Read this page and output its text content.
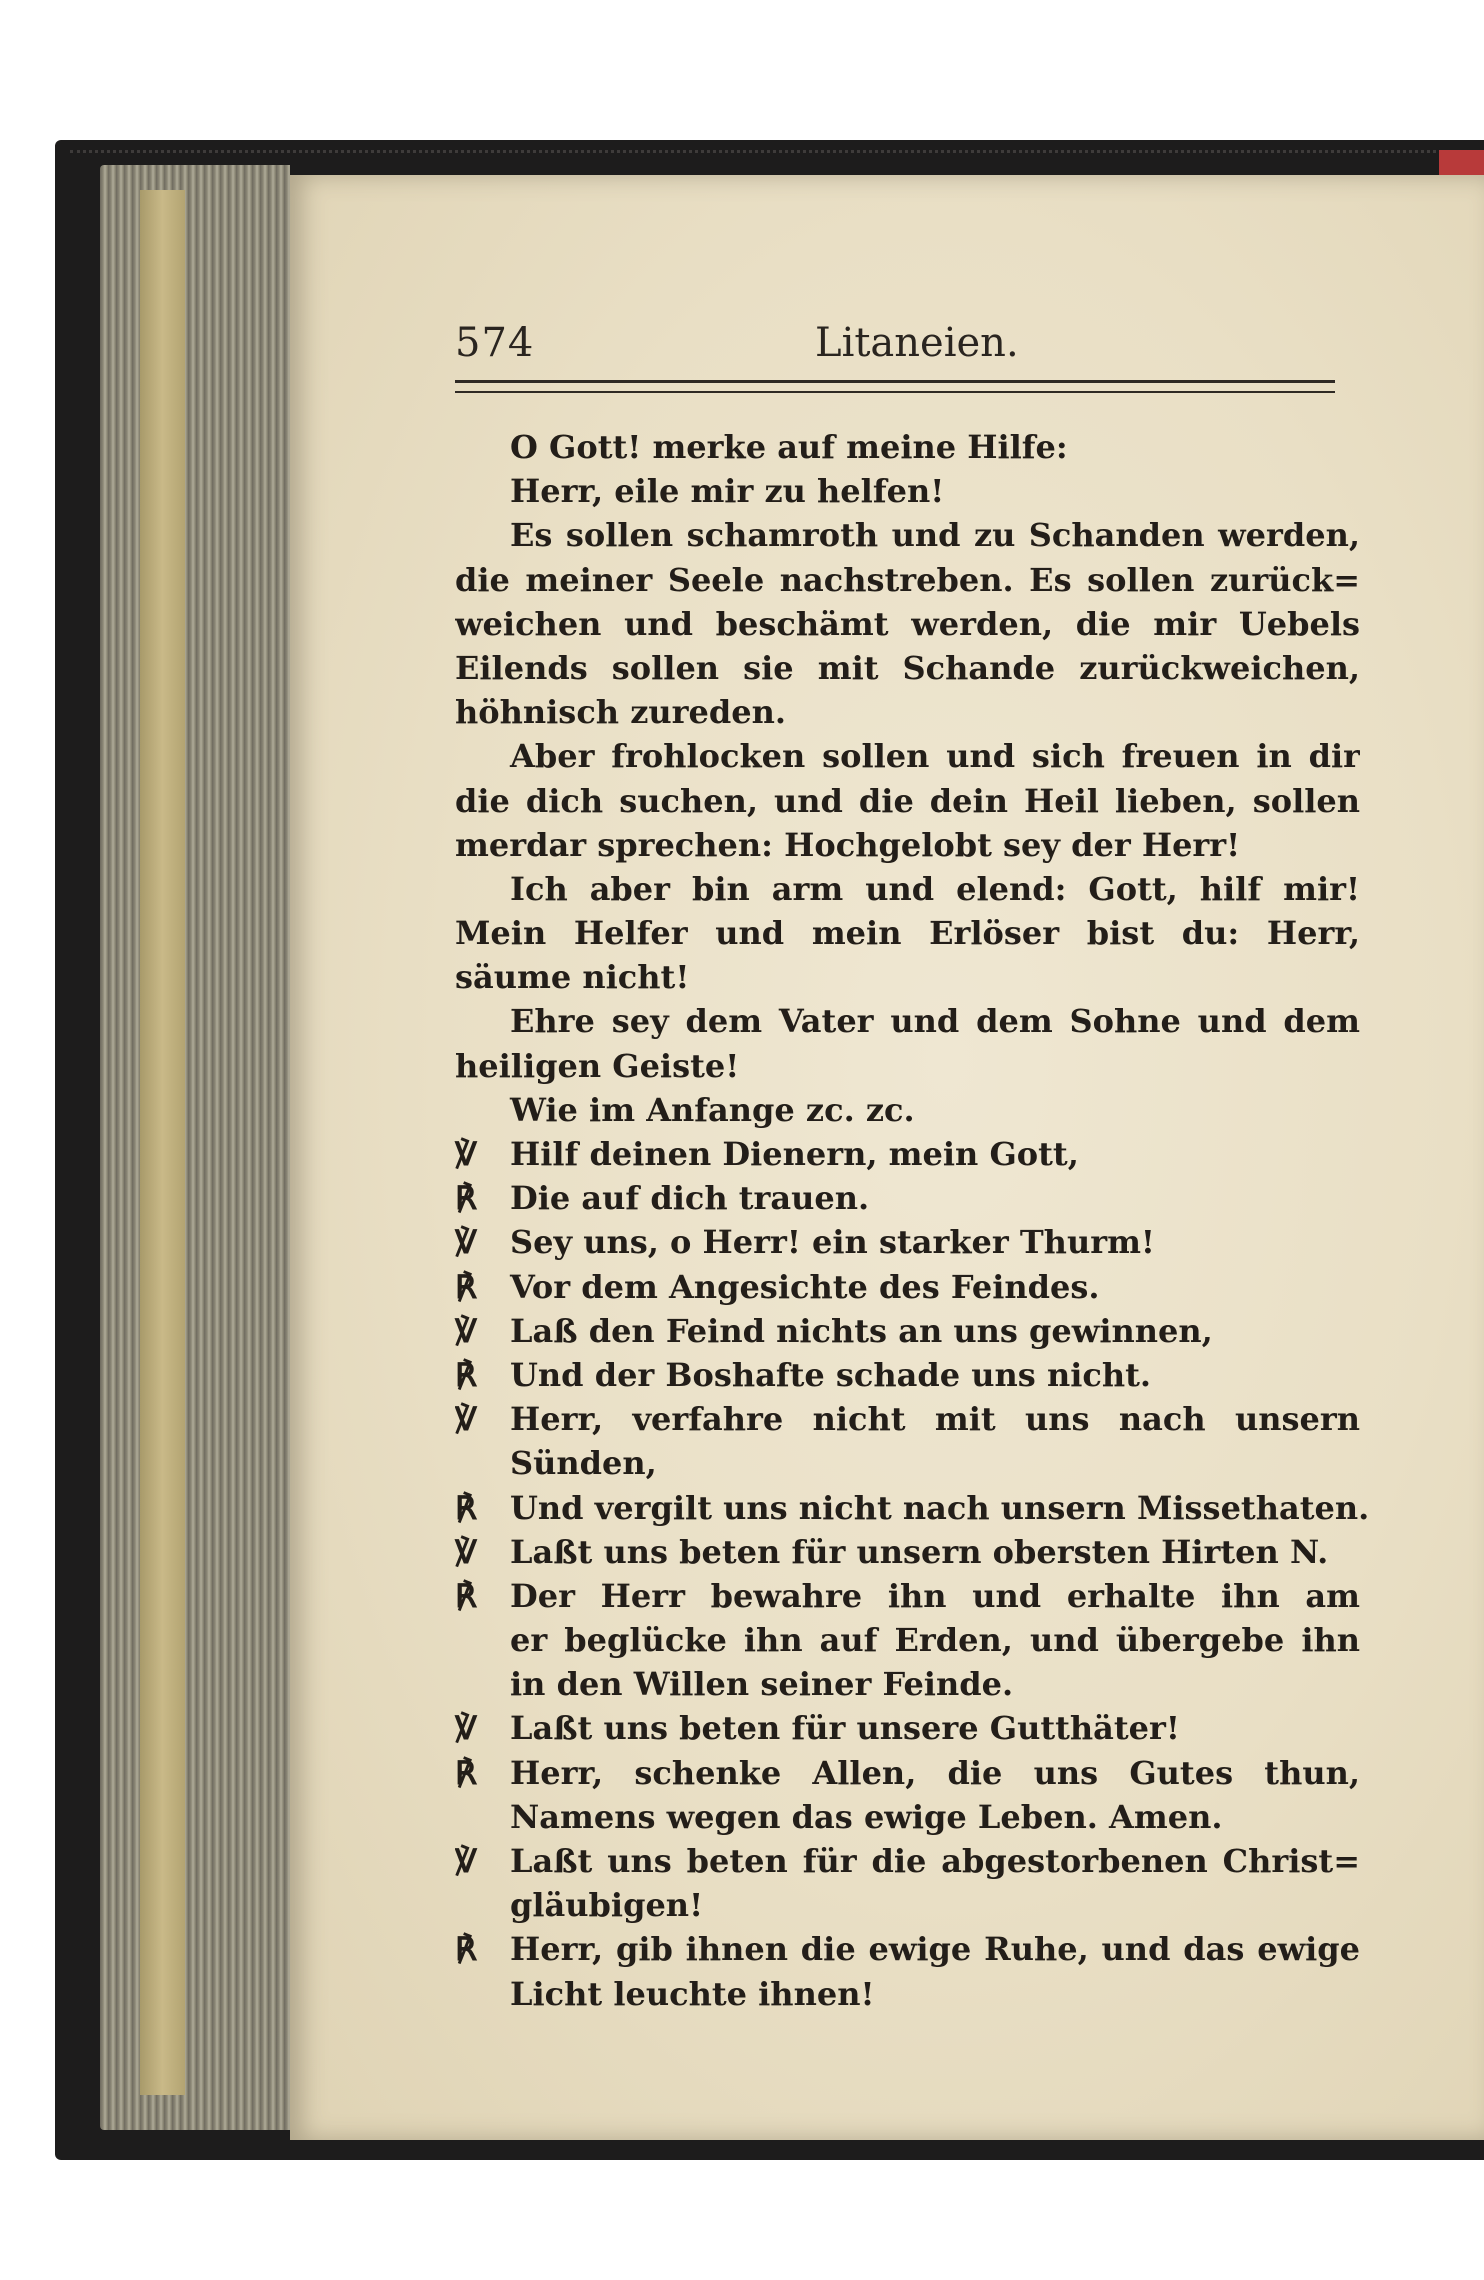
574	Litaneien.
O Gott! merke auf meine Hilfe:
Herr, eile mir zu helfen!
Es sollen schamroth und zu Schanden werden,
die meiner Seele nachstreben. Es sollen zurück=
weichen und beschämt werden, die mir Uebels
Eilends sollen sie mit Schande zurückweichen,
höhnisch zureden.
Aber frohlocken sollen und sich freuen in dir
die dich suchen, und die dein Heil lieben, sollen
merdar sprechen: Hochgelobt sey der Herr!
Ich aber bin arm und elend: Gott, hilf mir!
Mein Helfer und mein Erlöser bist du: Herr,
säume nicht!
Ehre sey dem Vater und dem Sohne und dem
heiligen Geiste!
Wie im Anfange zc. zc.
℣	Hilf deinen Dienern, mein Gott,
℟	Die auf dich trauen.
℣	Sey uns, o Herr! ein starker Thurm!
℟	Vor dem Angesichte des Feindes.
℣	Laß den Feind nichts an uns gewinnen,
℟	Und der Boshafte schade uns nicht.
℣	Herr, verfahre nicht mit uns nach unsern
Sünden,
℟	Und vergilt uns nicht nach unsern Missethaten.
℣	Laßt uns beten für unsern obersten Hirten N.
℟	Der Herr bewahre ihn und erhalte ihn am
er beglücke ihn auf Erden, und übergebe ihn
in den Willen seiner Feinde.
℣	Laßt uns beten für unsere Gutthäter!
℟	Herr, schenke Allen, die uns Gutes thun,
Namens wegen das ewige Leben. Amen.
℣	Laßt uns beten für die abgestorbenen Christ=
gläubigen!
℟	Herr, gib ihnen die ewige Ruhe, und das ewige
Licht leuchte ihnen!
